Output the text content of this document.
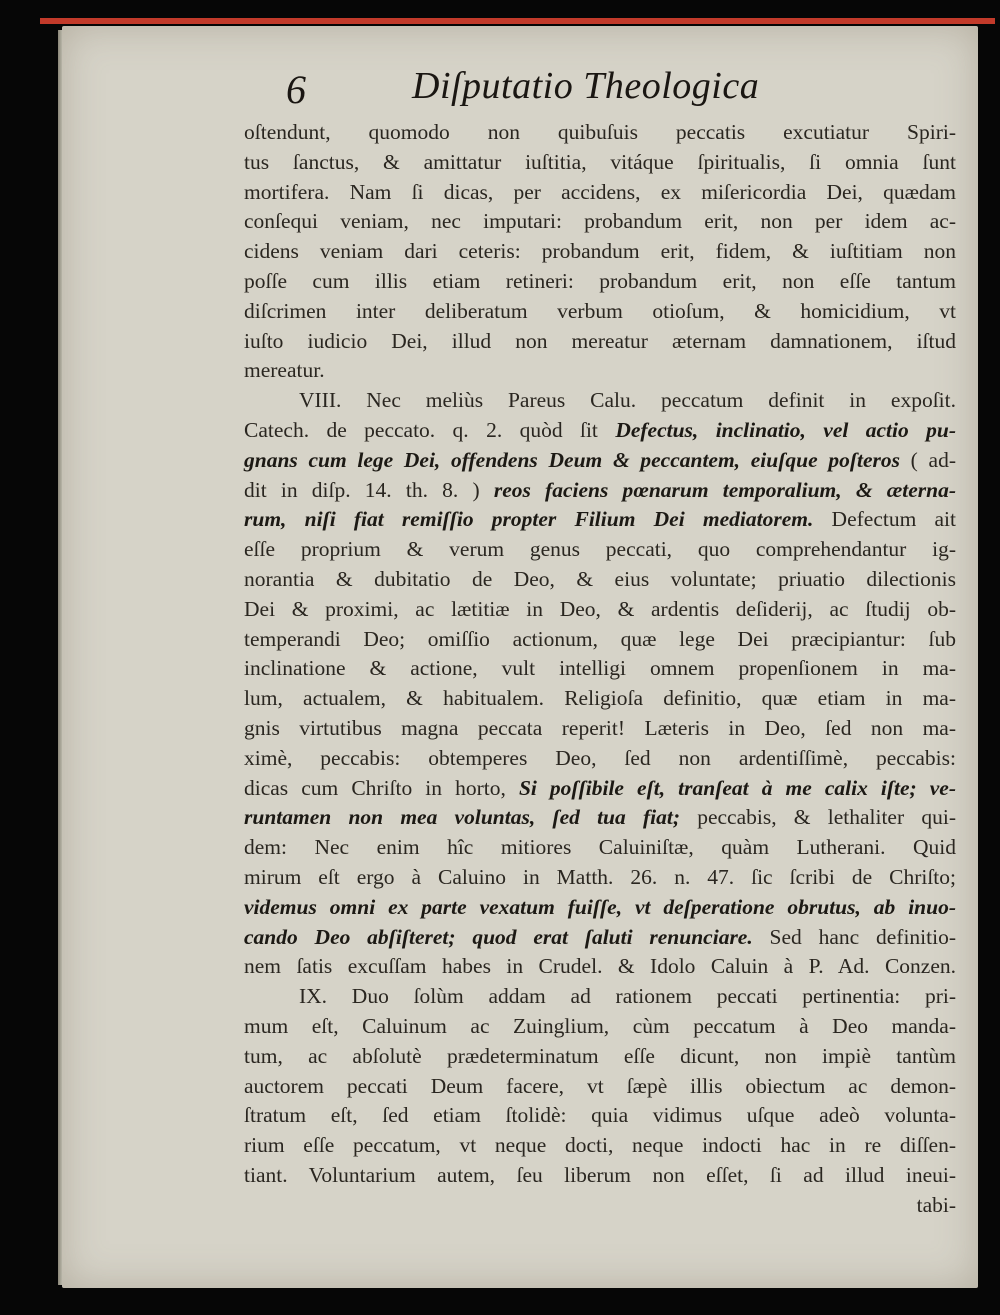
6	Diſputatio Theologica
oſtendunt, quomodo non quibuſuis peccatis excutiatur Spiri-
tus ſanctus, & amittatur iuſtitia, vitáque ſpiritualis, ſi omnia ſunt
mortifera. Nam ſi dicas, per accidens, ex miſericordia Dei, quædam
conſequi veniam, nec imputari: probandum erit, non per idem ac-
cidens veniam dari ceteris: probandum erit, fidem, & iuſtitiam non
poſſe cum illis etiam retineri: probandum erit, non eſſe tantum
diſcrimen inter deliberatum verbum otioſum, & homicidium, vt
iuſto iudicio Dei, illud non mereatur æternam damnationem, iſtud
mereatur.
VIII. Nec meliùs Pareus Calu. peccatum definit in expoſit.
Catech. de peccato. q. 2. quòd ſit Defectus, inclinatio, vel actio pu-
gnans cum lege Dei, offendens Deum & peccantem, eiuſque poſteros ( ad-
dit in diſp. 14. th. 8. ) reos faciens pœnarum temporalium, & æterna-
rum, niſi fiat remiſſio propter Filium Dei mediatorem. Defectum ait
eſſe proprium & verum genus peccati, quo comprehendantur ig-
norantia & dubitatio de Deo, & eius voluntate; priuatio dilectionis
Dei & proximi, ac lætitiæ in Deo, & ardentis deſiderij, ac ſtudij ob-
temperandi Deo; omiſſio actionum, quæ lege Dei præcipiantur: ſub
inclinatione & actione, vult intelligi omnem propenſionem in ma-
lum, actualem, & habitualem. Religioſa definitio, quæ etiam in ma-
gnis virtutibus magna peccata reperit! Læteris in Deo, ſed non ma-
ximè, peccabis: obtemperes Deo, ſed non ardentiſſimè, peccabis:
dicas cum Chriſto in horto, Si poſſibile eſt, tranſeat à me calix iſte; ve-
runtamen non mea voluntas, ſed tua fiat; peccabis, & lethaliter qui-
dem: Nec enim hîc mitiores Caluiniſtæ, quàm Lutherani. Quid
mirum eſt ergo à Caluino in Matth. 26. n. 47. ſic ſcribi de Chriſto;
videmus omni ex parte vexatum fuiſſe, vt deſperatione obrutus, ab inuo-
cando Deo abſiſteret; quod erat ſaluti renunciare. Sed hanc definitio-
nem ſatis excuſſam habes in Crudel. & Idolo Caluin à P. Ad. Conzen.
IX. Duo ſolùm addam ad rationem peccati pertinentia: pri-
mum eſt, Caluinum ac Zuinglium, cùm peccatum à Deo manda-
tum, ac abſolutè prædeterminatum eſſe dicunt, non impiè tantùm
auctorem peccati Deum facere, vt ſæpè illis obiectum ac demon-
ſtratum eſt, ſed etiam ſtolidè: quia vidimus uſque adeò volunta-
rium eſſe peccatum, vt neque docti, neque indocti hac in re diſſen-
tiant. Voluntarium autem, ſeu liberum non eſſet, ſi ad illud ineui-
tabi-
